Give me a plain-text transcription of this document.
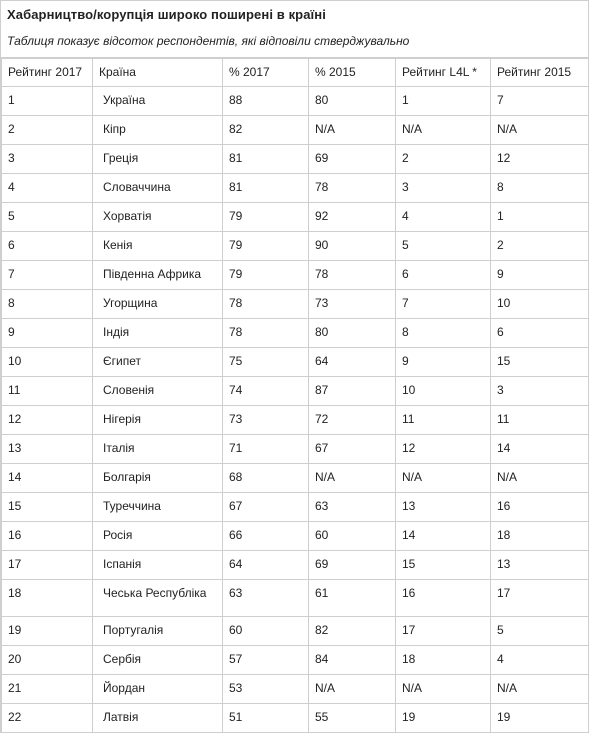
Хабарництво/корупція широко поширені в країні
Таблиця показує відсоток респондентів, які відповіли стверджувально
Рейтинг 2017	Країна	% 2017	% 2015	Рейтинг L4L *	Рейтинг 2015
1	Україна	88	80	1	7
2	Кіпр	82	N/A	N/A	N/A
3	Греція	81	69	2	12
4	Словаччина	81	78	3	8
5	Хорватія	79	92	4	1
6	Кенія	79	90	5	2
7	Південна Африка	79	78	6	9
8	Угорщина	78	73	7	10
9	Індія	78	80	8	6
10	Єгипет	75	64	9	15
11	Словенія	74	87	10	3
12	Нігерія	73	72	11	11
13	Італія	71	67	12	14
14	Болгарія	68	N/A	N/A	N/A
15	Туреччина	67	63	13	16
16	Росія	66	60	14	18
17	Іспанія	64	69	15	13
18	Чеська Республіка	63	61	16	17
19	Португалія	60	82	17	5
20	Сербія	57	84	18	4
21	Йордан	53	N/A	N/A	N/A
22	Латвія	51	55	19	19
